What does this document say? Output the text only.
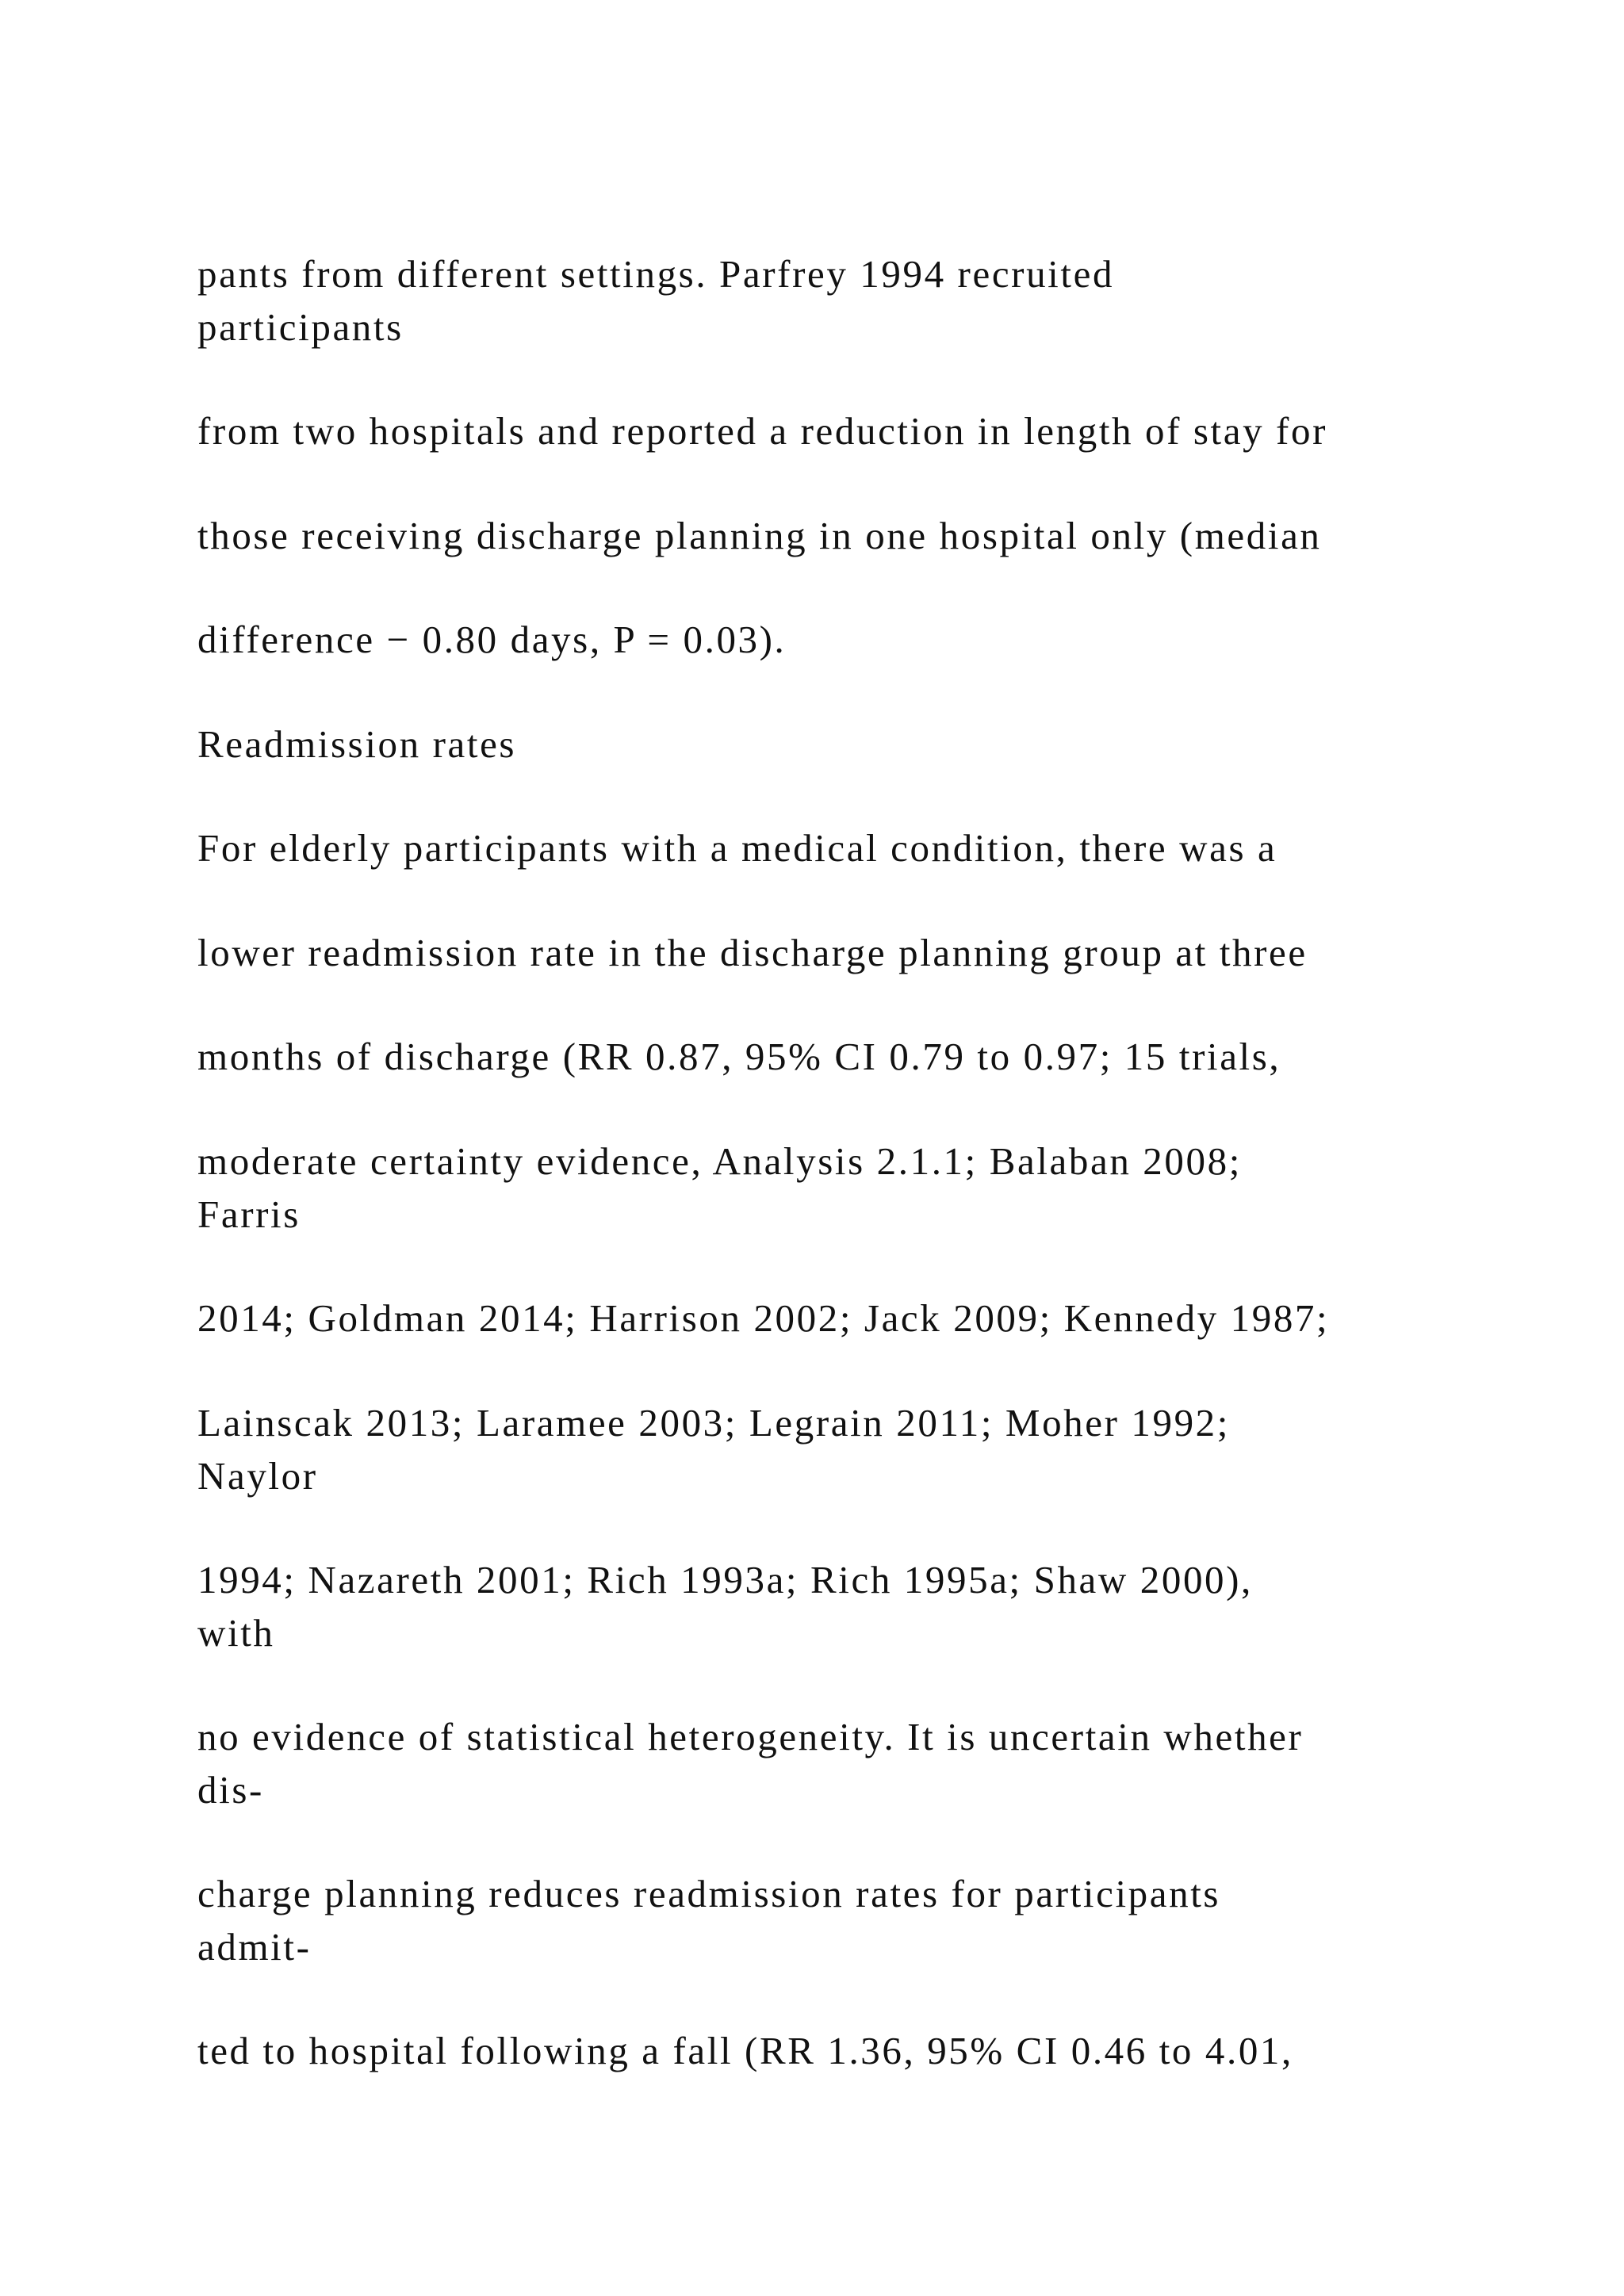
pants from different settings. Parfrey 1994 recruited

participants

from two hospitals and reported a reduction in length of stay for

those receiving discharge planning in one hospital only (median

difference − 0.80 days, P = 0.03).

Readmission rates

For elderly participants with a medical condition, there was a

lower readmission rate in the discharge planning group at three

months of discharge (RR 0.87, 95% CI 0.79 to 0.97; 15 trials,

moderate certainty evidence, Analysis 2.1.1; Balaban 2008;

Farris

2014; Goldman 2014; Harrison 2002; Jack 2009; Kennedy 1987;

Lainscak 2013; Laramee 2003; Legrain 2011; Moher 1992;

Naylor

1994; Nazareth 2001; Rich 1993a; Rich 1995a; Shaw 2000),

with

no evidence of statistical heterogeneity. It is uncertain whether

dis-

charge planning reduces readmission rates for participants

admit-

ted to hospital following a fall (RR 1.36, 95% CI 0.46 to 4.01,
